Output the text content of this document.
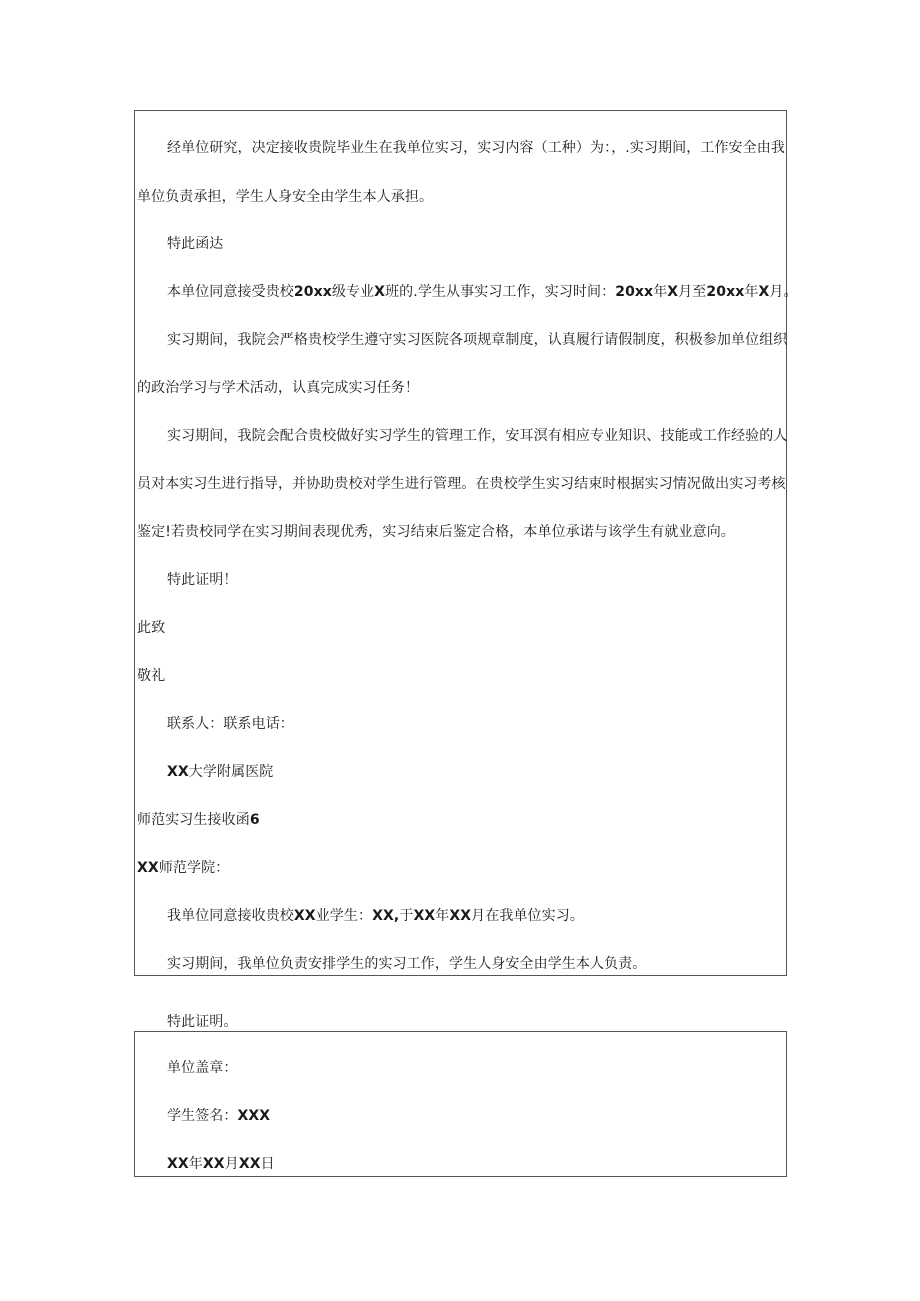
经单位研究，决定接收贵院毕业生在我单位实习，实习内容（工种）为：，.实习期间，工作安全由我
单位负责承担，学生人身安全由学生本人承担。
特此函达
本单位同意接受贵校20xx级专业X班的.学生从事实习工作，实习时间：20xx年X月至20xx年X月。
实习期间，我院会严格贵校学生遵守实习医院各项规章制度，认真履行请假制度，积极参加单位组织
的政治学习与学术活动，认真完成实习任务！
实习期间，我院会配合贵校做好实习学生的管理工作，安耳溟有相应专业知识、技能或工作经验的人
员对本实习生进行指导，并协助贵校对学生进行管理。在贵校学生实习结束时根据实习情况做出实习考核
鉴定!若贵校同学在实习期间表现优秀，实习结束后鉴定合格，本单位承诺与该学生有就业意向。
特此证明！
此致
敬礼
联系人：联系电话：
XX大学附属医院
师范实习生接收函6
XX师范学院：
我单位同意接收贵校XX业学生：XX,于XX年XX月在我单位实习。
实习期间，我单位负责安排学生的实习工作，学生人身安全由学生本人负责。
特此证明。
单位盖章：
学生签名：XXX
XX年XX月XX日
